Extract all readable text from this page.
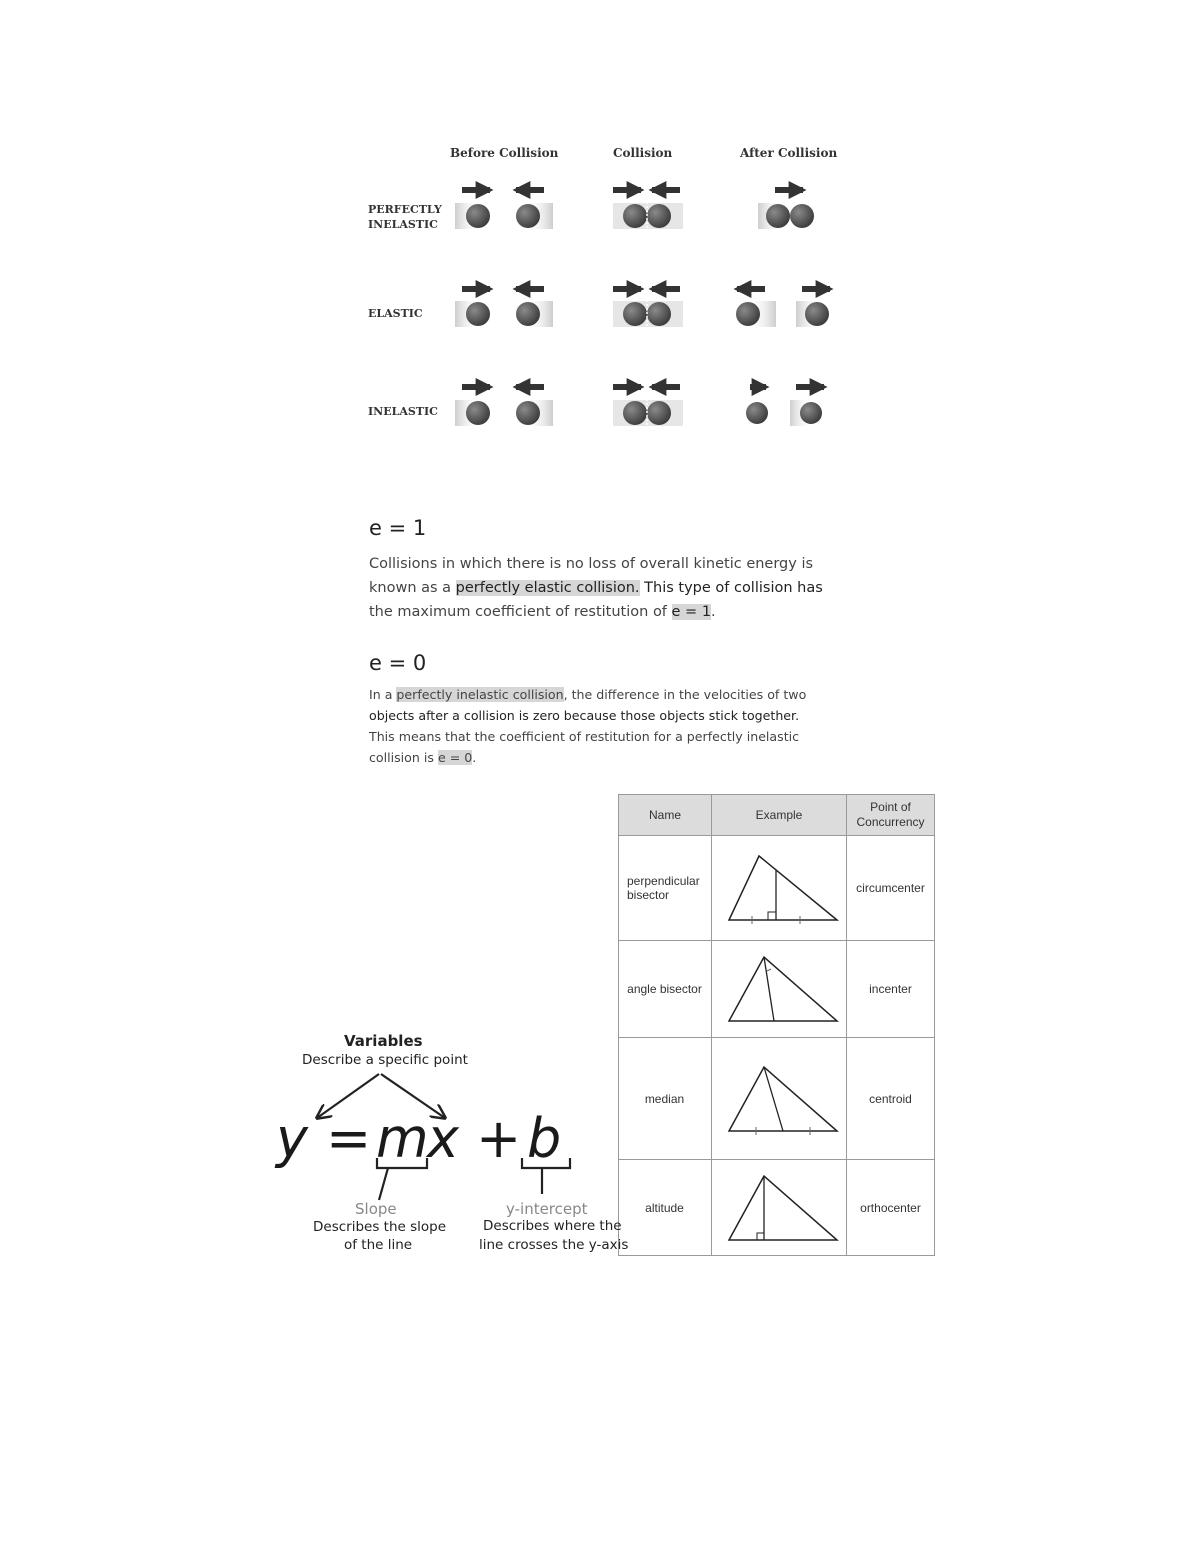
Before Collision	Collision	After Collision
PERFECTLY
INELASTIC
ELASTIC
INELASTIC
e = 1
Collisions in which there is no loss of overall kinetic energy is
known as a perfectly elastic collision. This type of collision has
the maximum coefficient of restitution of e = 1.
e = 0
In a perfectly inelastic collision, the difference in the velocities of two
objects after a collision is zero because those objects stick together.
This means that the coefficient of restitution for a perfectly inelastic
collision is e = 0.
Name	Example	Point of
Concurrency

perpendicular
bisector		circumcenter
angle bisector		incenter
median		centroid
altitude		orthocenter
Variables
Describe a specific point
y = m
x + b
Slope
Describes the slope
of the line
y-intercept
Describes where the
line crosses the y-axis
